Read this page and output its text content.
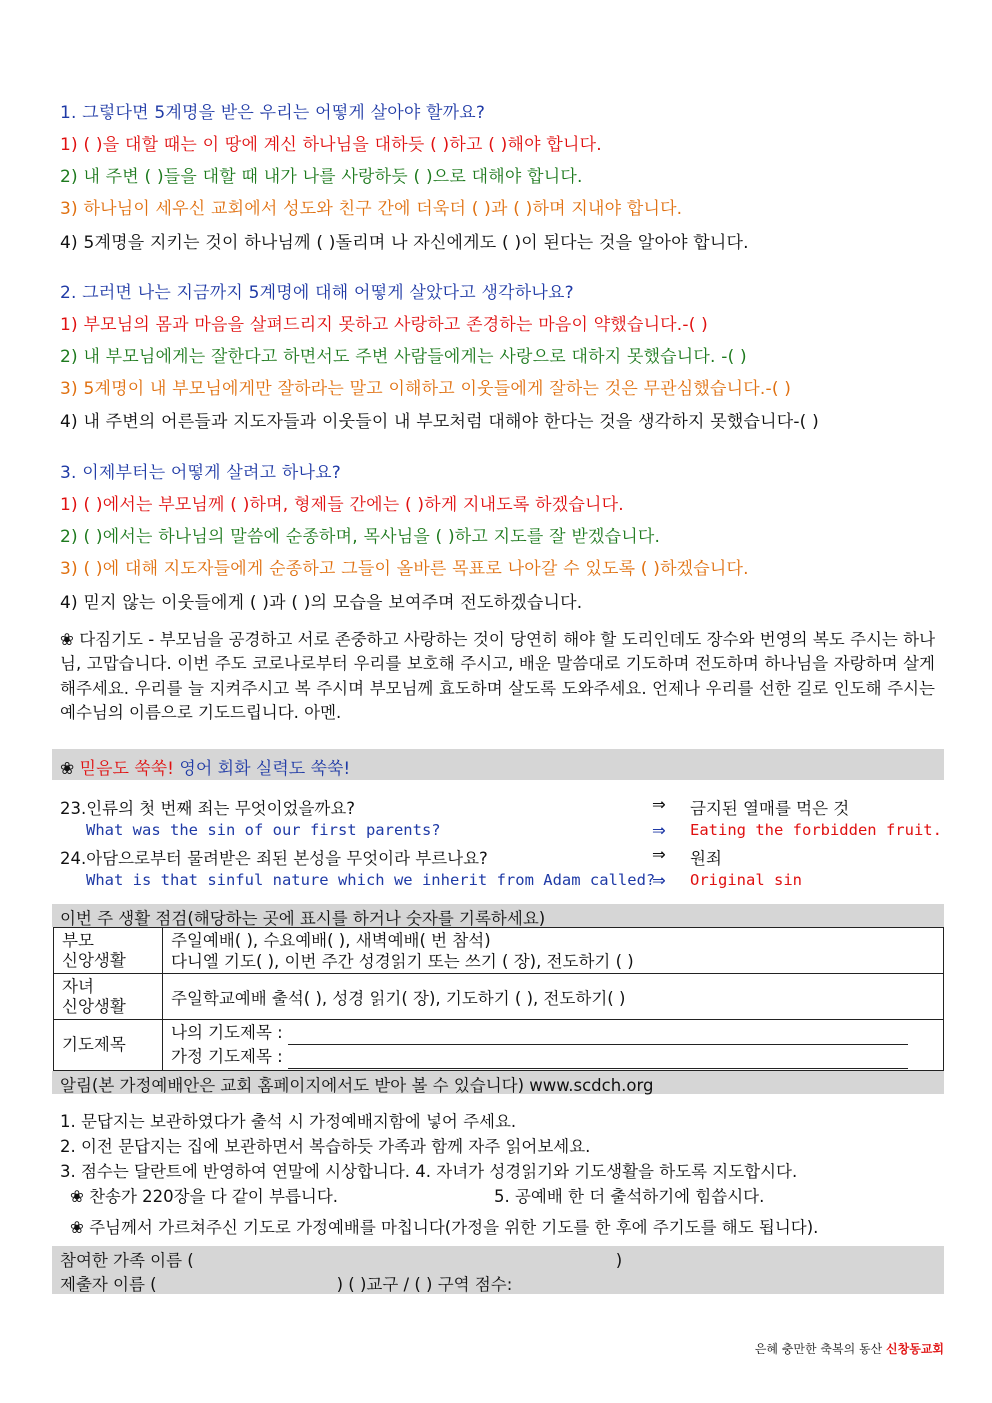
1. 그렇다면 5계명을 받은 우리는 어떻게 살아야 할까요?
1) ( )을 대할 때는 이 땅에 계신 하나님을 대하듯 ( )하고 ( )해야 합니다.
2) 내 주변 ( )들을 대할 때 내가 나를 사랑하듯 ( )으로 대해야 합니다.
3) 하나님이 세우신 교회에서 성도와 친구 간에 더욱더 ( )과 ( )하며 지내야 합니다.
4) 5계명을 지키는 것이 하나님께 ( )돌리며 나 자신에게도 ( )이 된다는 것을 알아야 합니다.
2. 그러면 나는 지금까지 5계명에 대해 어떻게 살았다고 생각하나요?
1) 부모님의 몸과 마음을 살펴드리지 못하고 사랑하고 존경하는 마음이 약했습니다.-( )
2) 내 부모님에게는 잘한다고 하면서도 주변 사람들에게는 사랑으로 대하지 못했습니다. -( )
3) 5계명이 내 부모님에게만 잘하라는 말고 이해하고 이웃들에게 잘하는 것은 무관심했습니다.-( )
4) 내 주변의 어른들과 지도자들과 이웃들이 내 부모처럼 대해야 한다는 것을 생각하지 못했습니다-( )
3. 이제부터는 어떻게 살려고 하나요?
1) ( )에서는 부모님께 ( )하며, 형제들 간에는 ( )하게 지내도록 하겠습니다.
2) ( )에서는 하나님의 말씀에 순종하며, 목사님을 ( )하고 지도를 잘 받겠습니다.
3) ( )에 대해 지도자들에게 순종하고 그들이 올바른 목표로 나아갈 수 있도록 ( )하겠습니다.
4) 믿지 않는 이웃들에게 ( )과 ( )의 모습을 보여주며 전도하겠습니다.
❀ 다짐기도 - 부모님을 공경하고 서로 존중하고 사랑하는 것이 당연히 해야 할 도리인데도 장수와 번영의 복도 주시는 하나님, 고맙습니다. 이번 주도 코로나로부터 우리를 보호해 주시고, 배운 말씀대로 기도하며 전도하며 하나님을 자랑하며 살게 해주세요. 우리를 늘 지켜주시고 복 주시며 부모님께 효도하며 살도록 도와주세요. 언제나 우리를 선한 길로 인도해 주시는 예수님의 이름으로 기도드립니다. 아멘.
❀ 믿음도 쑥쑥! 영어 회화 실력도 쑥쑥!
23.인류의 첫 번째 죄는 무엇이었을까요?	⇒ 금지된 열매를 먹은 것
What was the sin of our first parents?	⇒ Eating the forbidden fruit.
24.아담으로부터 물려받은 죄된 본성을 무엇이라 부르나요?	⇒ 원죄
What is that sinful nature which we inherit from Adam called?
⇒ Original sin
이번 주 생활 점검(해당하는 곳에 표시를 하거나 숫자를 기록하세요)
부모
신앙생활	주일예배( ), 수요예배( ), 새벽예배( 번 참석)
다니엘 기도( ), 이번 주간 성경읽기 또는 쓰기 ( 장), 전도하기 ( )
자녀
신앙생활	주일학교예배 출석( ), 성경 읽기( 장), 기도하기 ( ), 전도하기( )
기도제목	나의 기도제목 :
가정 기도제목 :
알림(본 가정예배안은 교회 홈페이지에서도 받아 볼 수 있습니다) www.scdch.org
1. 문답지는 보관하였다가 출석 시 가정예배지함에 넣어 주세요.
2. 이전 문답지는 집에 보관하면서 복습하듯 가족과 함께 자주 읽어보세요.
3. 점수는 달란트에 반영하여 연말에 시상합니다. 4. 자녀가 성경읽기와 기도생활을 하도록 지도합시다.
❀ 찬송가 220장을 다 같이 부릅니다.	5. 공예배 한 더 출석하기에 힘씁시다.
❀ 주님께서 가르쳐주신 기도로 가정예배를 마칩니다(가정을 위한 기도를 한 후에 주기도를 해도 됩니다).
참여한 가족 이름 (	)
제출자 이름 (	) ( )교구 / ( ) 구역 점수:
은혜 충만한 축복의 동산 신창동교회
